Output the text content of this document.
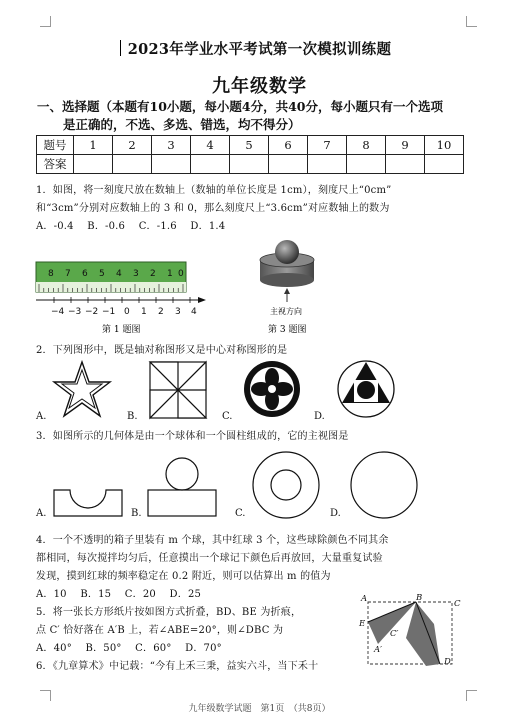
2023年学业水平考试第一次模拟训练题
九年级数学
一、选择题（本题有10小题，每小题4分，共40分，每小题只有一个选项
是正确的，不选、多选、错选，均不得分）
题号	1	2	3	4	5	6	7	8	9	10
答案										
1．如图，将一刻度尺放在数轴上（数轴的单位长度是 1cm），刻度尺上“0cm”
和“3cm”分别对应数轴上的 3 和 0，那么刻度尺上“3.6cm”对应数轴上的数为
A．-0.4　 B．-0.6　 C．-1.6　 D．1.4
8 7 6 5 4 3 2 1 0
−4 −3 −2 −1 0 1 2 3 4
第 1 题图
主视方向
第 3 题图
2．下列图形中，既是轴对称图形又是中心对称图形的是
A.	B.	C.	D.
3．如图所示的几何体是由一个球体和一个圆柱组成的，它的主视图是
A.	B.	C.	D.
4．一个不透明的箱子里装有 m 个球，其中红球 3 个，这些球除颜色不同其余
都相同，每次搅拌均匀后，任意摸出一个球记下颜色后再放回，大量重复试验
发现，摸到红球的频率稳定在 0.2 附近，则可以估算出 m 的值为
A．10　 B．15　 C．20　 D．25
5．将一张长方形纸片按如图方式折叠，BD、BE 为折痕，
点 C′ 恰好落在 A′B 上，若∠ABE=20°，则∠DBC 为
A．40°　 B．50°　 C．60°　 D．70°
6．《九章算术》中记载：“今有上禾三秉，益实六斗，当下禾十
A	B
C
E
A′
C′
D
九年级数学试题　第1页　（共8页）
